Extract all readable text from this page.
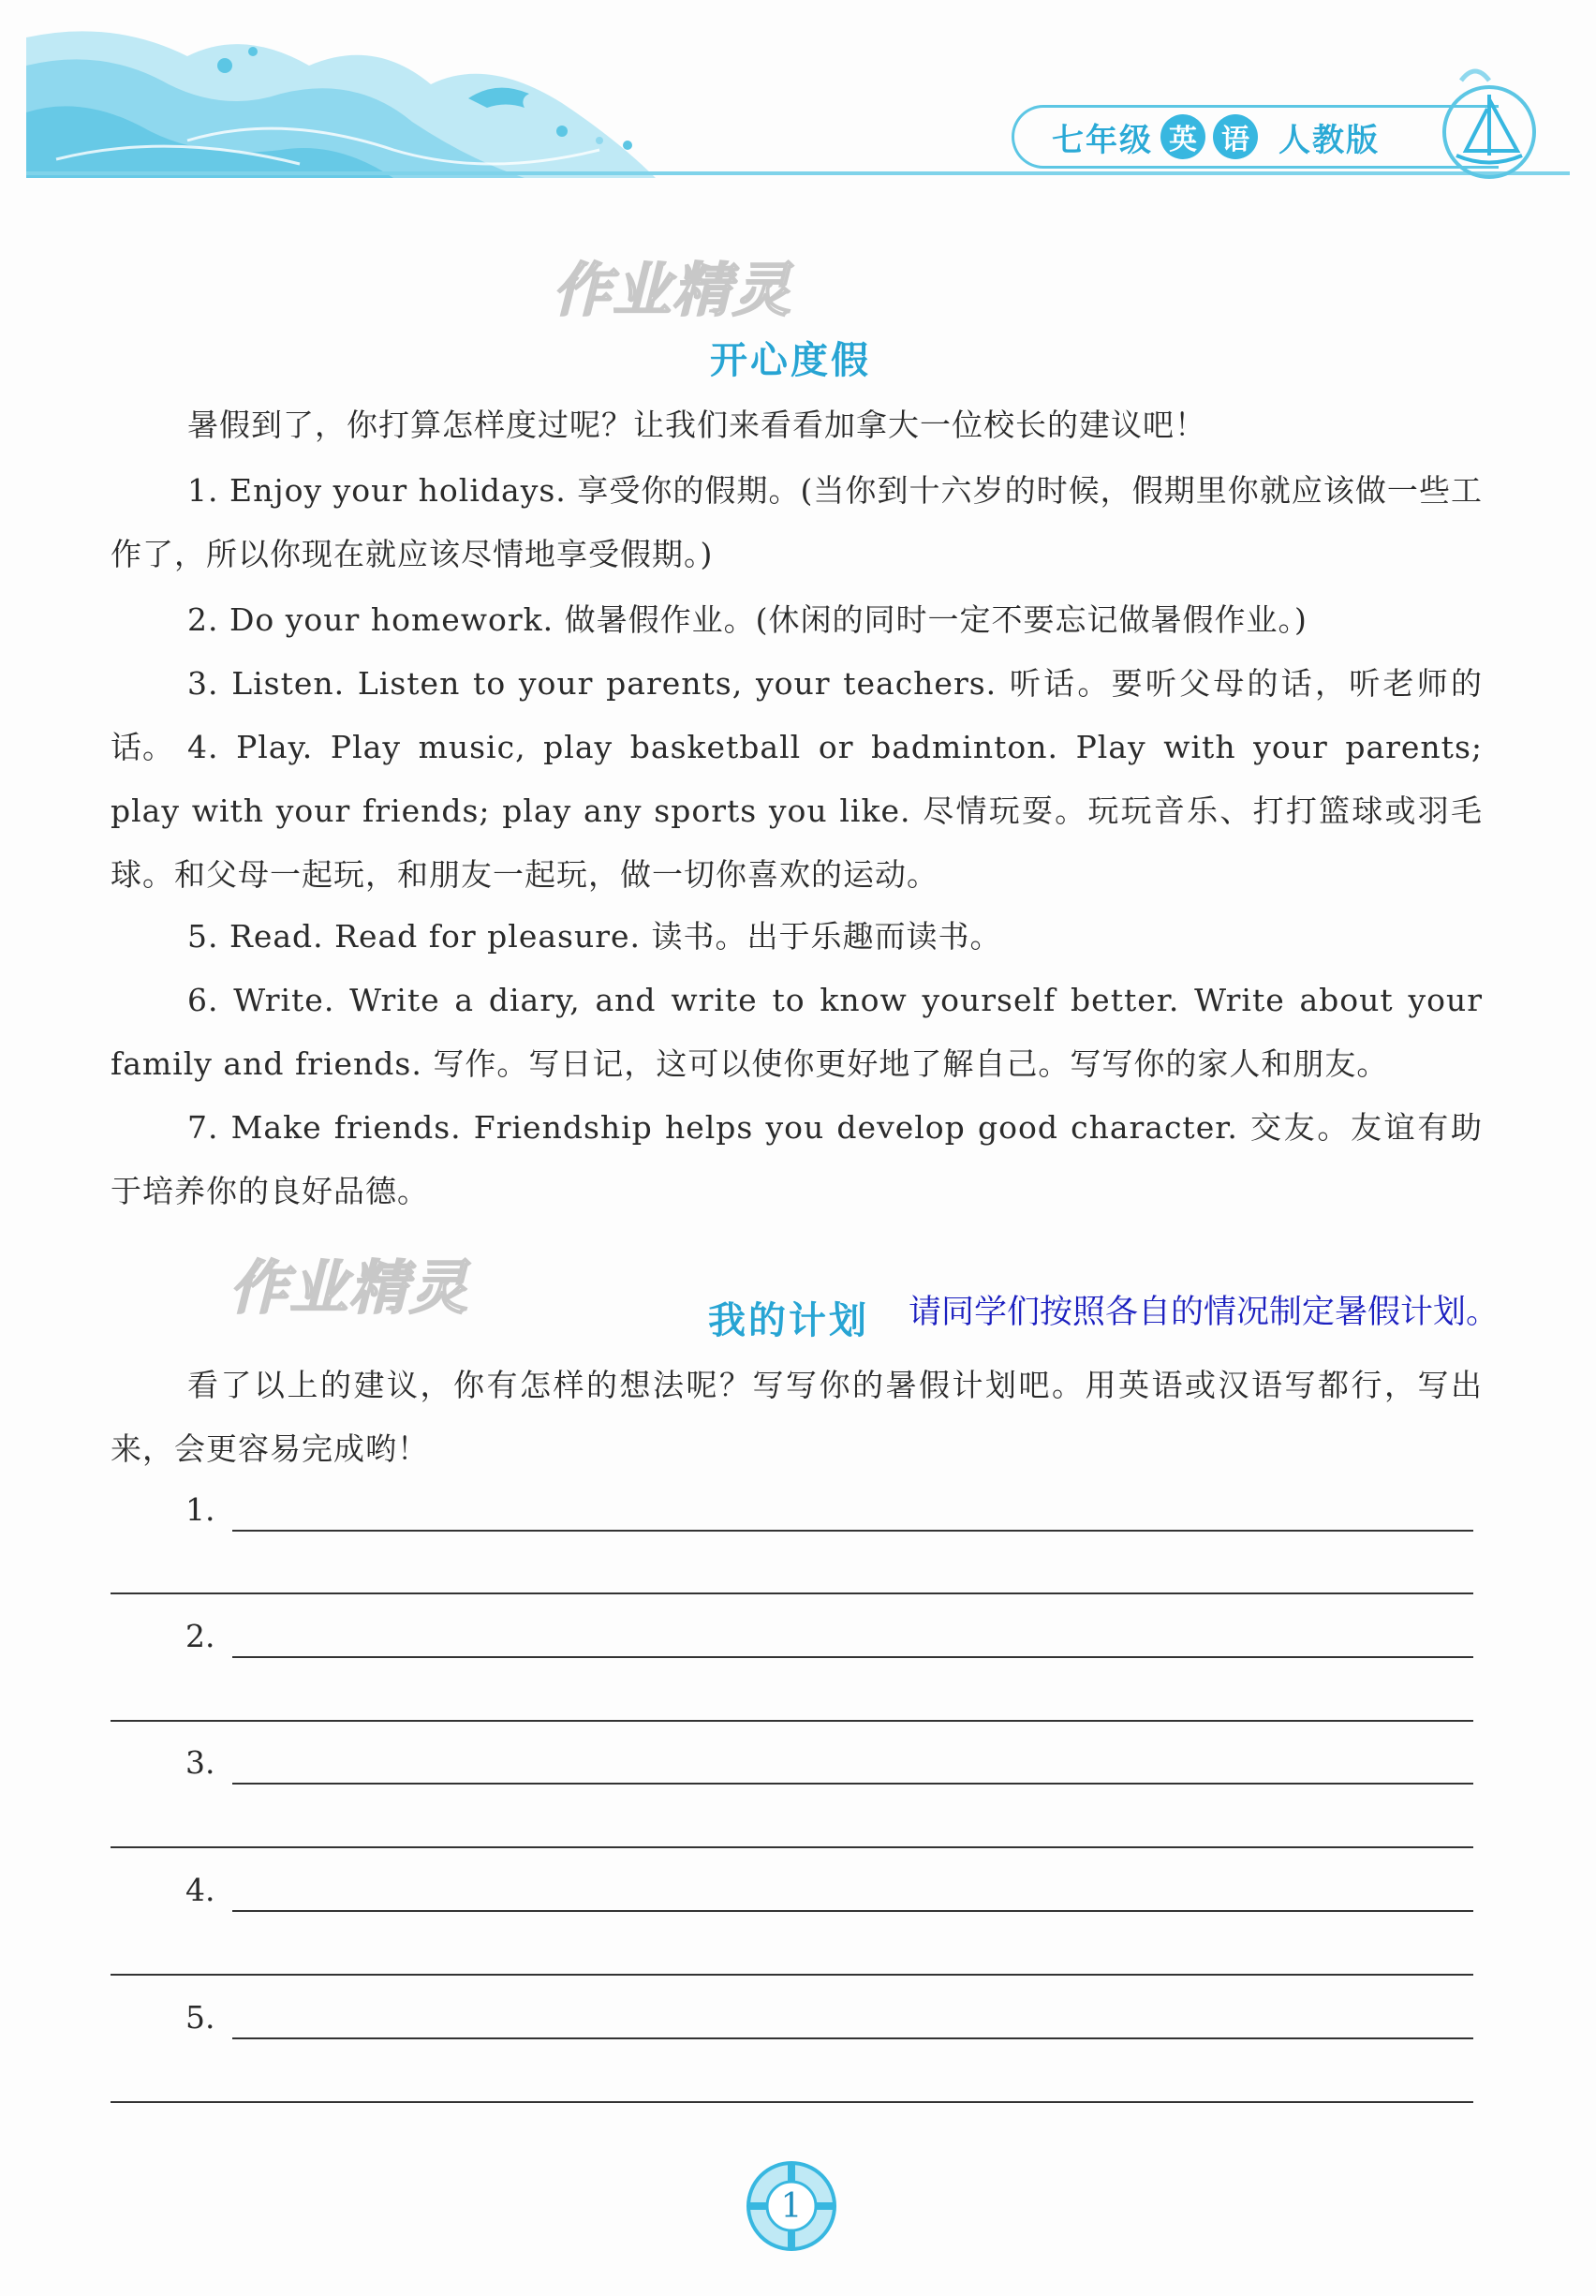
七年级 英 语 人教版
作业精灵
开心度假
暑假到了，你打算怎样度过呢？让我们来看看加拿大一位校长的建议吧！
1. Enjoy your holidays. 享受你的假期。(当你到十六岁的时候，假期里你就应该做一些工作了，所以你现在就应该尽情地享受假期。)
2. Do your homework. 做暑假作业。(休闲的同时一定不要忘记做暑假作业。)
3. Listen. Listen to your parents, your teachers. 听话。要听父母的话，听老师的话。 4. Play. Play music, play basketball or badminton. Play with your parents; play with your friends; play any sports you like. 尽情玩耍。玩玩音乐、打打篮球或羽毛球。和父母一起玩，和朋友一起玩，做一切你喜欢的运动。
5. Read. Read for pleasure. 读书。出于乐趣而读书。
6. Write. Write a diary, and write to know yourself better. Write about your family and friends. 写作。写日记，这可以使你更好地了解自己。写写你的家人和朋友。
7. Make friends. Friendship helps you develop good character. 交友。友谊有助于培养你的良好品德。
作业精灵	我的计划 请同学们按照各自的情况制定暑假计划。
看了以上的建议，你有怎样的想法呢？写写你的暑假计划吧。用英语或汉语写都行，写出来，会更容易完成哟！
1.
2.
3.
4.
5.
1
